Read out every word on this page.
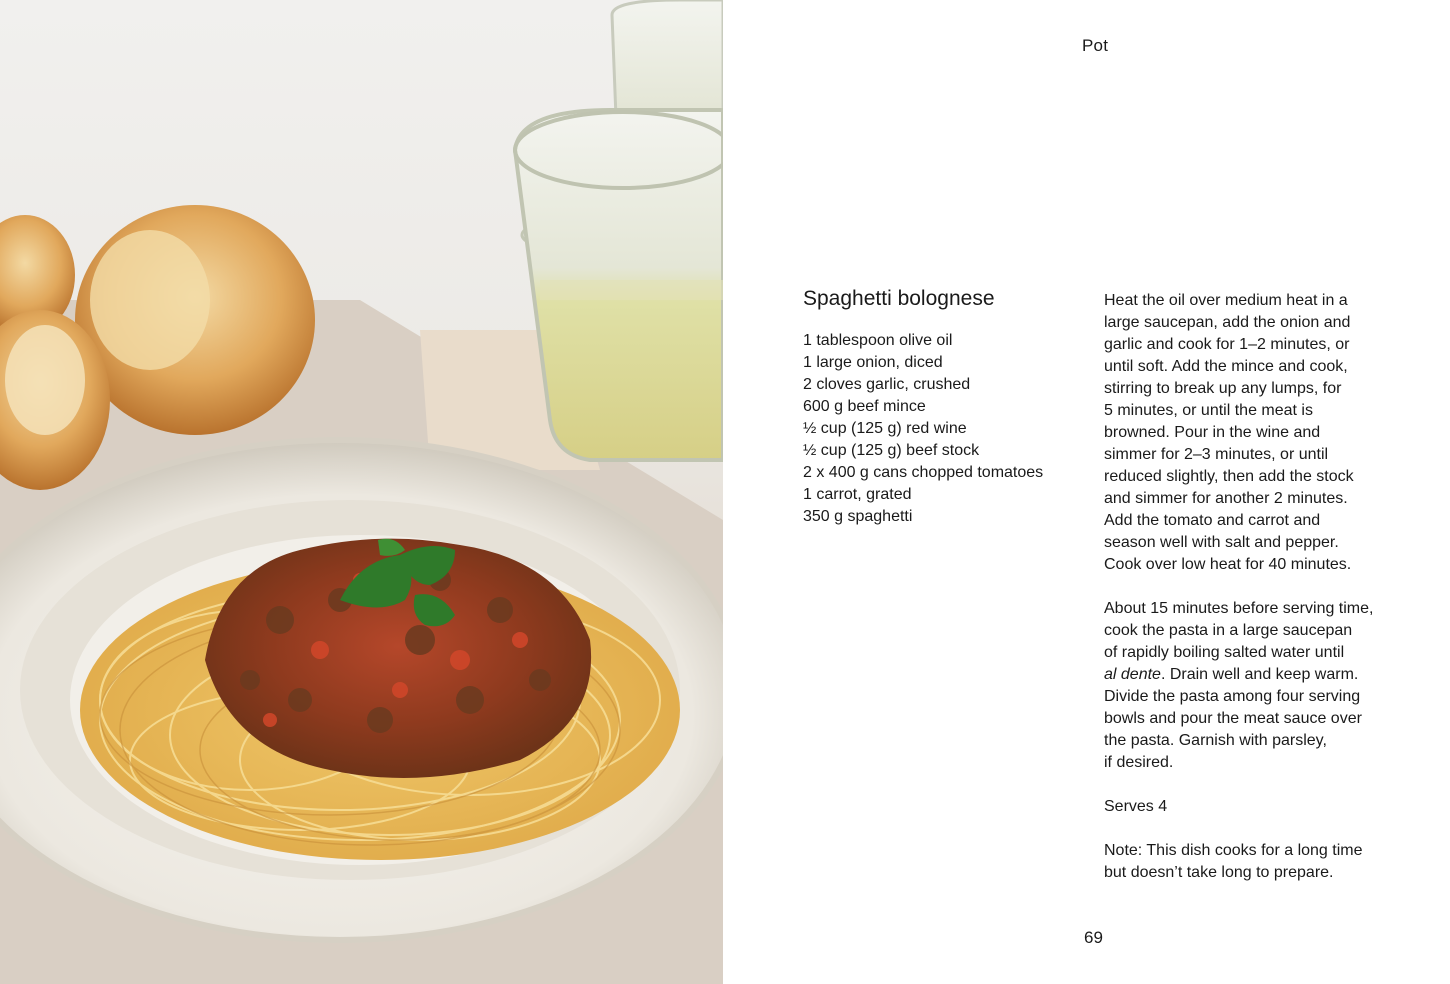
Pot
Spaghetti bolognese
1 tablespoon olive oil
1 large onion, diced
2 cloves garlic, crushed
600 g beef mince
½ cup (125 g) red wine
½ cup (125 g) beef stock
2 x 400 g cans chopped tomatoes
1 carrot, grated
350 g spaghetti

Heat the oil over medium heat in a
large saucepan, add the onion and
garlic and cook for 1–2 minutes, or
until soft. Add the mince and cook,
stirring to break up any lumps, for
5 minutes, or until the meat is
browned. Pour in the wine and
simmer for 2–3 minutes, or until
reduced slightly, then add the stock
and simmer for another 2 minutes.
Add the tomato and carrot and
season well with salt and pepper.
Cook over low heat for 40 minutes.

About 15 minutes before serving time,
cook the pasta in a large saucepan
of rapidly boiling salted water until
al dente. Drain well and keep warm.
Divide the pasta among four serving
bowls and pour the meat sauce over
the pasta. Garnish with parsley,
if desired.

Serves 4

Note: This dish cooks for a long time
but doesn’t take long to prepare.

69
